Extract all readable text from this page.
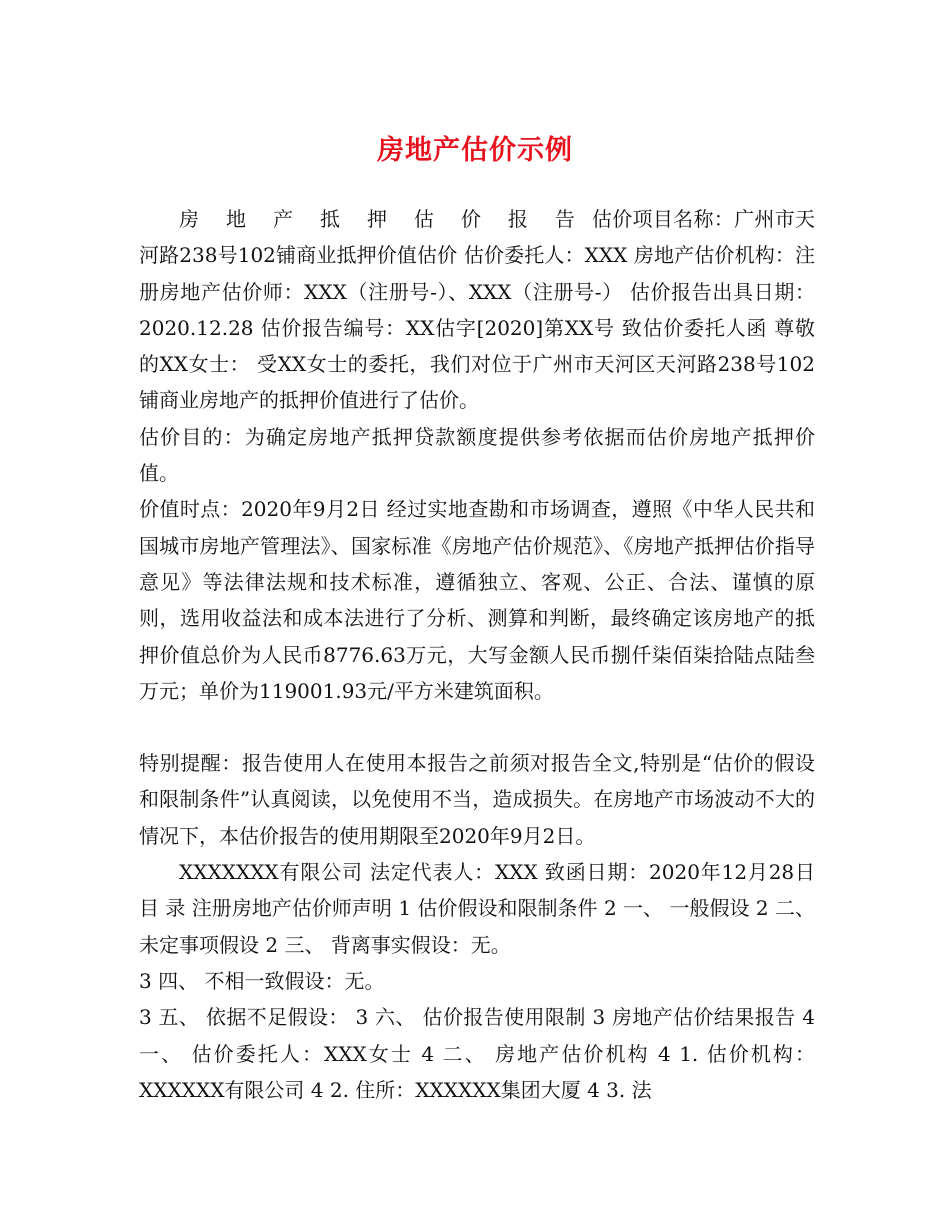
房地产估价示例

房 地 产 抵 押 估 价 报 告 估价项目名称：广州市天河路238号102铺商业抵押价值估价 估价委托人：XXX 房地产估价机构：注册房地产估价师：XXX（注册号-）、XXX（注册号-） 估价报告出具日期：2020.12.28 估价报告编号：XX估字[2020]第XX号 致估价委托人函 尊敬的XX女士： 受XX女士的委托，我们对位于广州市天河区天河路238号102铺商业房地产的抵押价值进行了估价。

估价目的：为确定房地产抵押贷款额度提供参考依据而估价房地产抵押价值。

价值时点：2020年9月2日 经过实地查勘和市场调查，遵照《中华人民共和国城市房地产管理法》、国家标准《房地产估价规范》、《房地产抵押估价指导意见》等法律法规和技术标准，遵循独立、客观、公正、合法、谨慎的原则，选用收益法和成本法进行了分析、测算和判断，最终确定该房地产的抵押价值总价为人民币8776.63万元，大写金额人民币捌仟柒佰柒拾陆点陆叁万元；单价为119001.93元/平方米建筑面积。

特别提醒：报告使用人在使用本报告之前须对报告全文,特别是“估价的假设和限制条件”认真阅读，以免使用不当，造成损失。在房地产市场波动不大的情况下，本估价报告的使用期限至2020年9月2日。

XXXXXXX有限公司 法定代表人：XXX 致函日期：2020年12月28日 目 录 注册房地产估价师声明 1 估价假设和限制条件 2 一、 一般假设 2 二、 未定事项假设 2 三、 背离事实假设：无。

3 四、 不相一致假设：无。

3 五、 依据不足假设： 3 六、 估价报告使用限制 3 房地产估价结果报告 4 一、 估价委托人：XXX女士 4 二、 房地产估价机构 4 1. 估价机构：XXXXXX有限公司 4 2. 住所：XXXXXX集团大厦 4 3. 法
